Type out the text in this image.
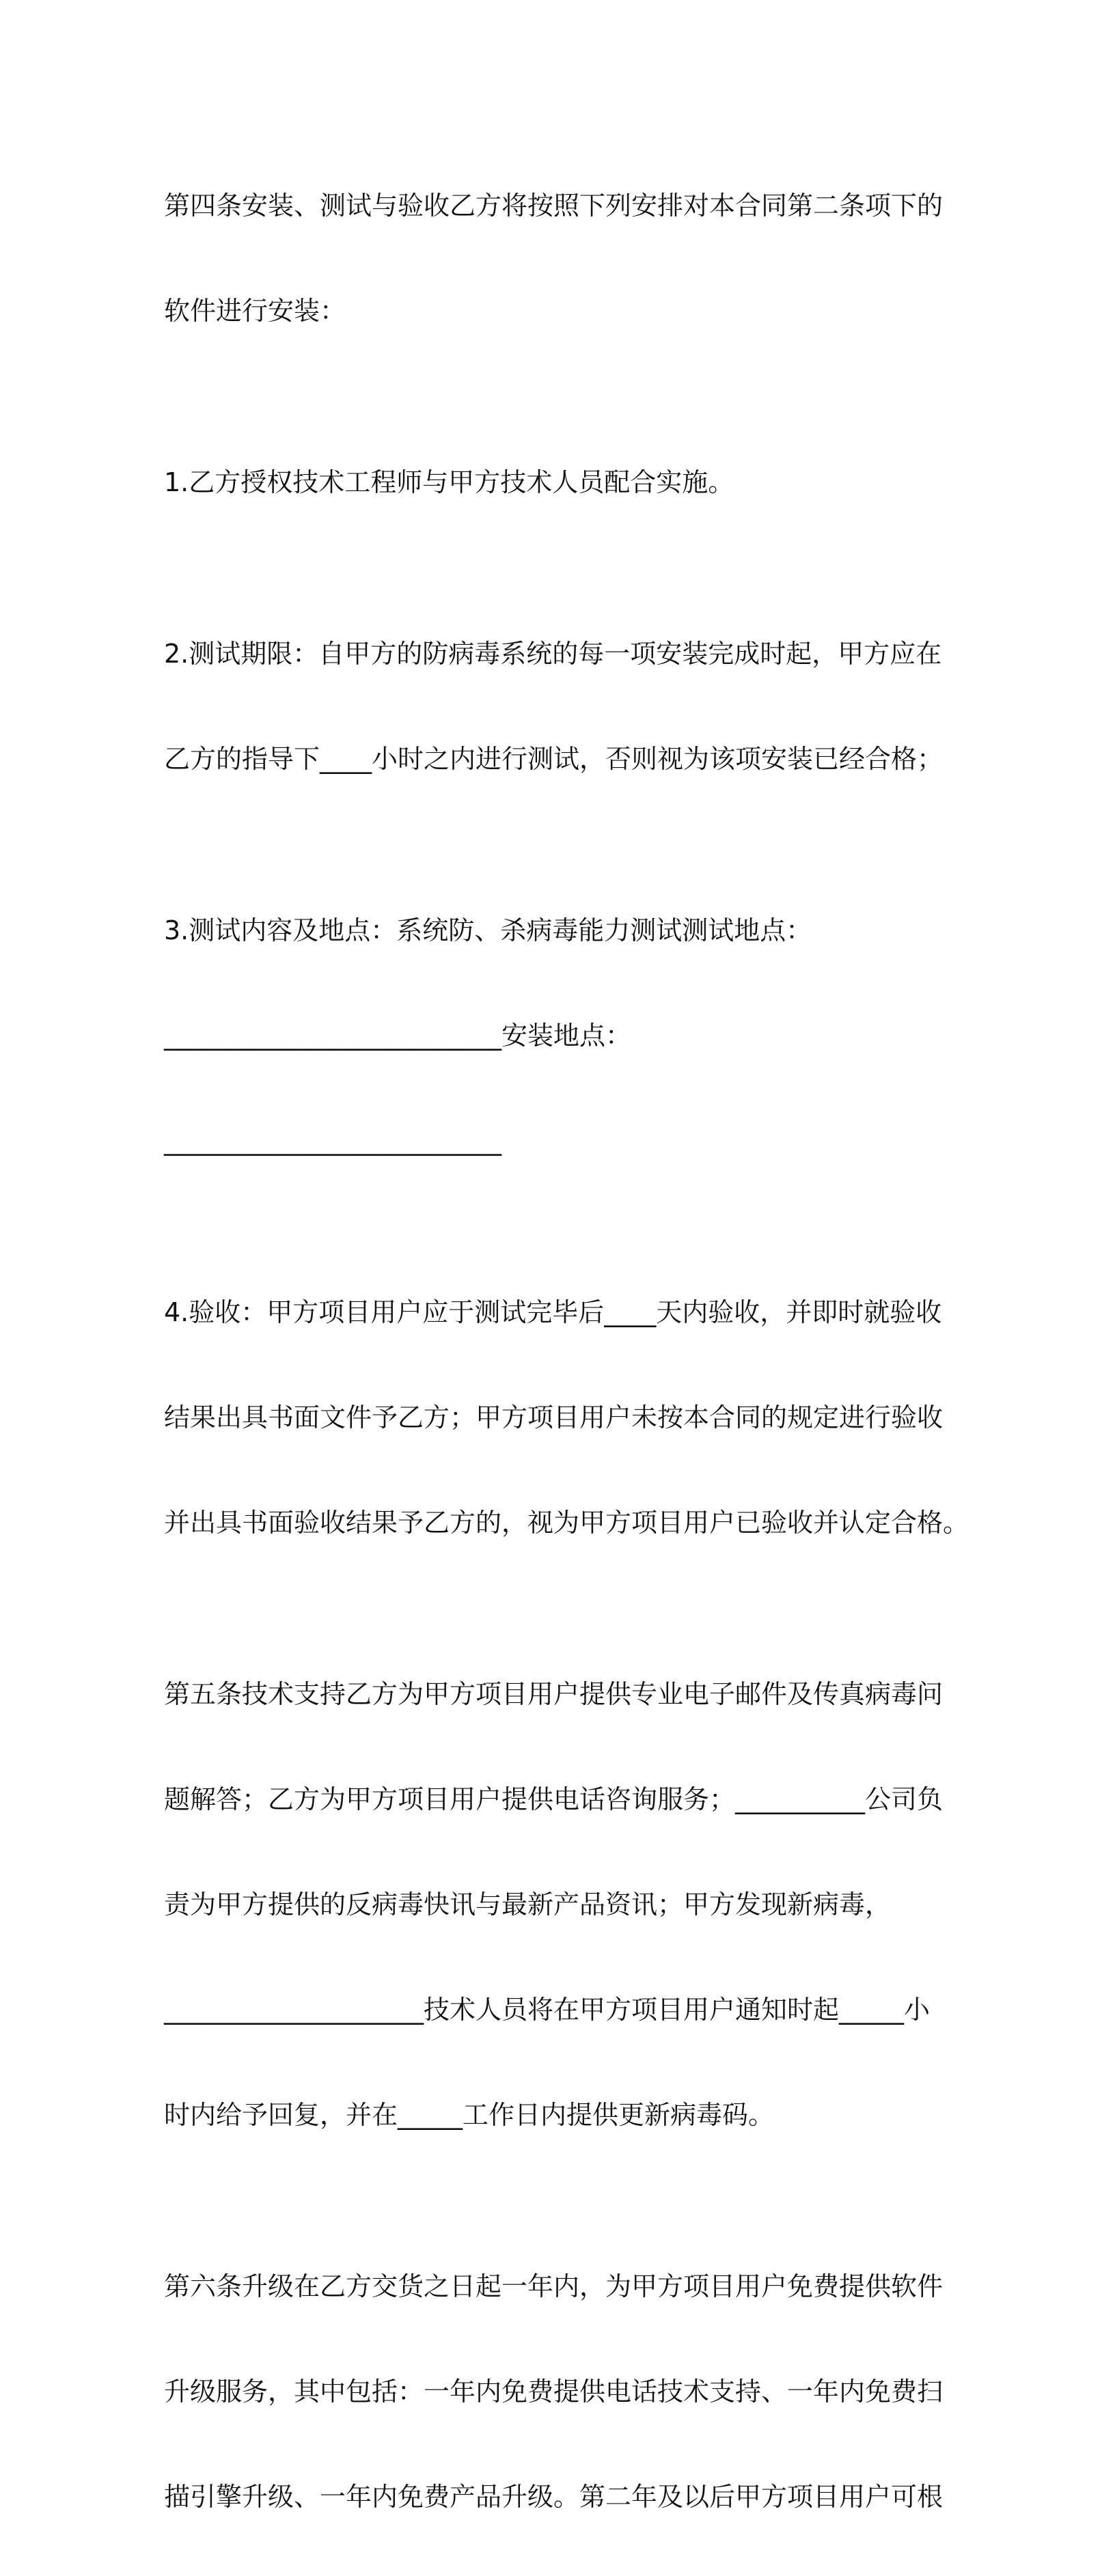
第四条安装、测试与验收乙方将按照下列安排对本合同第二条项下的

软件进行安装：

1.乙方授权技术工程师与甲方技术人员配合实施。

2.测试期限：自甲方的防病毒系统的每一项安装完成时起，甲方应在

乙方的指导下____小时之内进行测试，否则视为该项安装已经合格；

3.测试内容及地点：系统防、杀病毒能力测试测试地点：

__________________________安装地点：

__________________________

4.验收：甲方项目用户应于测试完毕后____天内验收，并即时就验收

结果出具书面文件予乙方；甲方项目用户未按本合同的规定进行验收

并出具书面验收结果予乙方的，视为甲方项目用户已验收并认定合格。

第五条技术支持乙方为甲方项目用户提供专业电子邮件及传真病毒问

题解答；乙方为甲方项目用户提供电话咨询服务；__________公司负

责为甲方提供的反病毒快讯与最新产品资讯；甲方发现新病毒，

____________________技术人员将在甲方项目用户通知时起_____小

时内给予回复，并在_____工作日内提供更新病毒码。

第六条升级在乙方交货之日起一年内，为甲方项目用户免费提供软件

升级服务，其中包括：一年内免费提供电话技术支持、一年内免费扫

描引擎升级、一年内免费产品升级。第二年及以后甲方项目用户可根
